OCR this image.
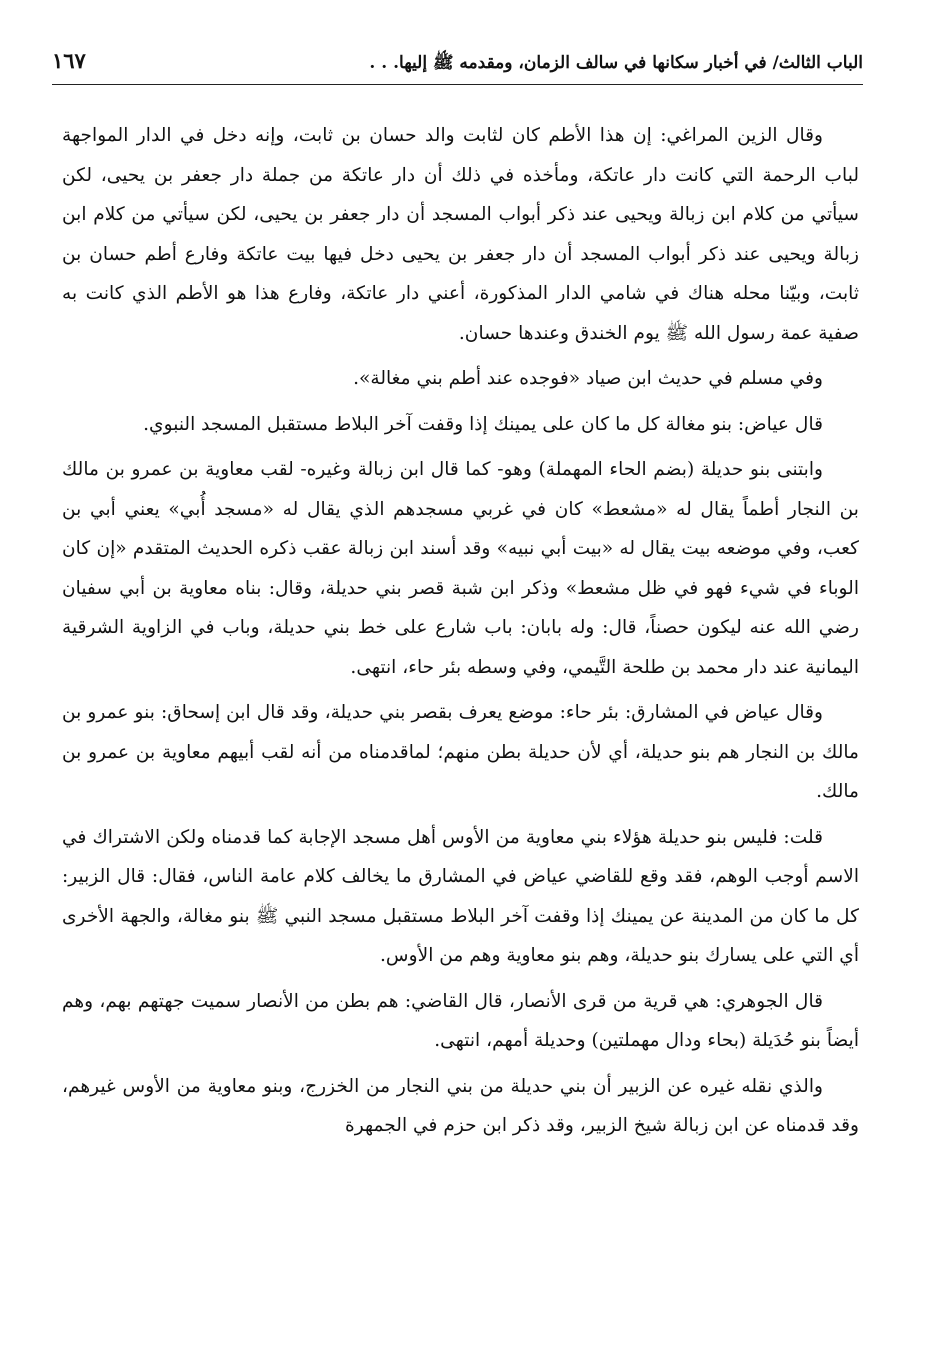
الباب الثالث/ في أخبار سكانها في سالف الزمان، ومقدمه ﷺ إليها. . .
١٦٧

وقال الزين المراغي: إن هذا الأطم كان لثابت والد حسان بن ثابت، وإنه دخل في الدار المواجهة لباب الرحمة التي كانت دار عاتكة، ومأخذه في ذلك أن دار عاتكة من جملة دار جعفر بن يحيى، لكن سيأتي من كلام ابن زبالة ويحيى عند ذكر أبواب المسجد أن دار جعفر بن يحيى، لكن سيأتي من كلام ابن زبالة ويحيى عند ذكر أبواب المسجد أن دار جعفر بن يحيى دخل فيها بيت عاتكة وفارع أطم حسان بن ثابت، وبيّنا محله هناك في شامي الدار المذكورة، أعني دار عاتكة، وفارع هذا هو الأطم الذي كانت به صفية عمة رسول الله ﷺ يوم الخندق وعندها حسان.

وفي مسلم في حديث ابن صياد «فوجده عند أطم بني مغالة».

قال عياض: بنو مغالة كل ما كان على يمينك إذا وقفت آخر البلاط مستقبل المسجد النبوي.

وابتنى بنو حديلة (بضم الحاء المهملة) وهو- كما قال ابن زبالة وغيره- لقب معاوية بن عمرو بن مالك بن النجار أطماً يقال له «مشعط» كان في غربي مسجدهم الذي يقال له «مسجد أُبي» يعني أبي بن كعب، وفي موضعه بيت يقال له «بيت أبي نبيه» وقد أسند ابن زبالة عقب ذكره الحديث المتقدم «إن كان الوباء في شيء فهو في ظل مشعط» وذكر ابن شبة قصر بني حديلة، وقال: بناه معاوية بن أبي سفيان رضي الله عنه ليكون حصناً، قال: وله بابان: باب شارع على خط بني حديلة، وباب في الزاوية الشرقية اليمانية عند دار محمد بن طلحة التَّيمي، وفي وسطه بئر حاء، انتهى.

وقال عياض في المشارق: بئر حاء: موضع يعرف بقصر بني حديلة، وقد قال ابن إسحاق: بنو عمرو بن مالك بن النجار هم بنو حديلة، أي لأن حديلة بطن منهم؛ لماقدمناه من أنه لقب أبيهم معاوية بن عمرو بن مالك.

قلت: فليس بنو حديلة هؤلاء بني معاوية من الأوس أهل مسجد الإجابة كما قدمناه ولكن الاشتراك في الاسم أوجب الوهم، فقد وقع للقاضي عياض في المشارق ما يخالف كلام عامة الناس، فقال: قال الزبير: كل ما كان من المدينة عن يمينك إذا وقفت آخر البلاط مستقبل مسجد النبي ﷺ بنو مغالة، والجهة الأخرى أي التي على يسارك بنو حديلة، وهم بنو معاوية وهم من الأوس.

قال الجوهري: هي قرية من قرى الأنصار، قال القاضي: هم بطن من الأنصار سميت جهتهم بهم، وهم أيضاً بنو حُدَيلة (بحاء ودال مهملتين) وحديلة أمهم، انتهى.

والذي نقله غيره عن الزبير أن بني حديلة من بني النجار من الخزرج، وبنو معاوية من الأوس غيرهم، وقد قدمناه عن ابن زبالة شيخ الزبير، وقد ذكر ابن حزم في الجمهرة
